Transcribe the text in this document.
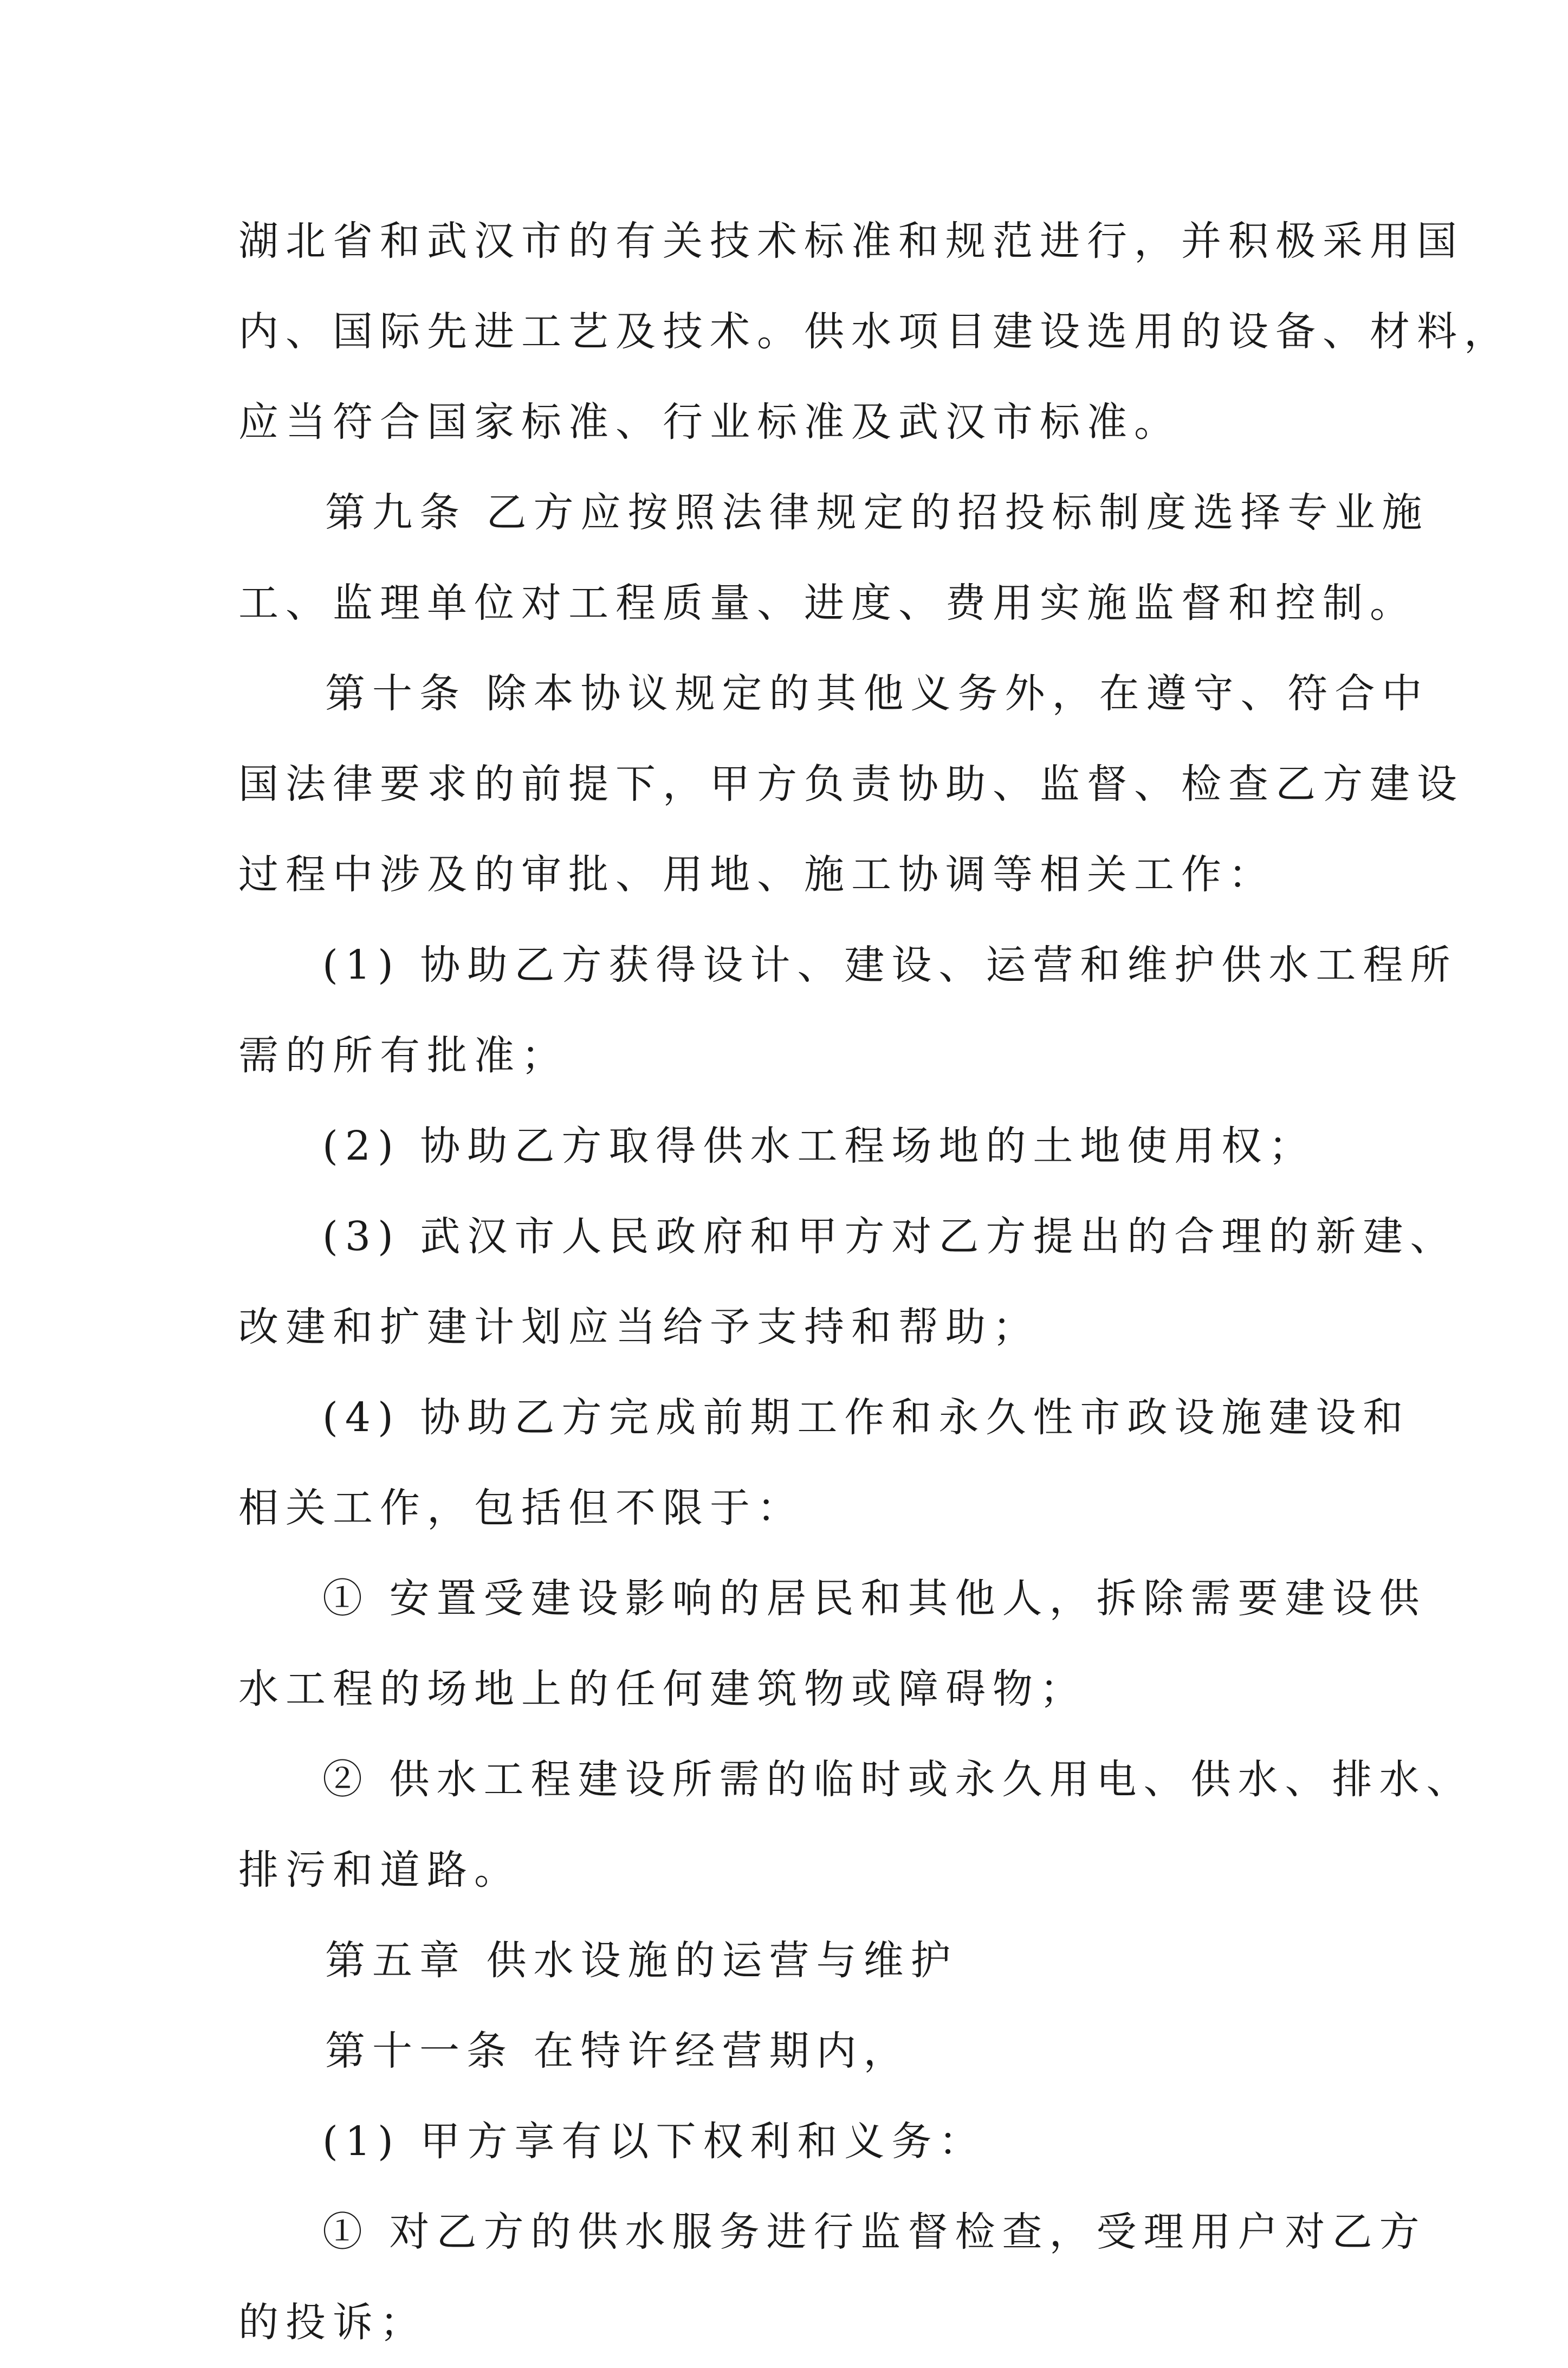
湖北省和武汉市的有关技术标准和规范进行，并积极采用国
内、国际先进工艺及技术。供水项目建设选用的设备、材料，
应当符合国家标准、行业标准及武汉市标准。
第九条 乙方应按照法律规定的招投标制度选择专业施
工、监理单位对工程质量、进度、费用实施监督和控制。
第十条 除本协议规定的其他义务外，在遵守、符合中
国法律要求的前提下，甲方负责协助、监督、检查乙方建设
过程中涉及的审批、用地、施工协调等相关工作：
(1) 协助乙方获得设计、建设、运营和维护供水工程所
需的所有批准；
(2) 协助乙方取得供水工程场地的土地使用权；
(3) 武汉市人民政府和甲方对乙方提出的合理的新建、
改建和扩建计划应当给予支持和帮助；
(4) 协助乙方完成前期工作和永久性市政设施建设和
相关工作，包括但不限于：
① 安置受建设影响的居民和其他人，拆除需要建设供
水工程的场地上的任何建筑物或障碍物；
② 供水工程建设所需的临时或永久用电、供水、排水、
排污和道路。
第五章 供水设施的运营与维护
第十一条 在特许经营期内，
(1) 甲方享有以下权利和义务：
① 对乙方的供水服务进行监督检查，受理用户对乙方
的投诉；
